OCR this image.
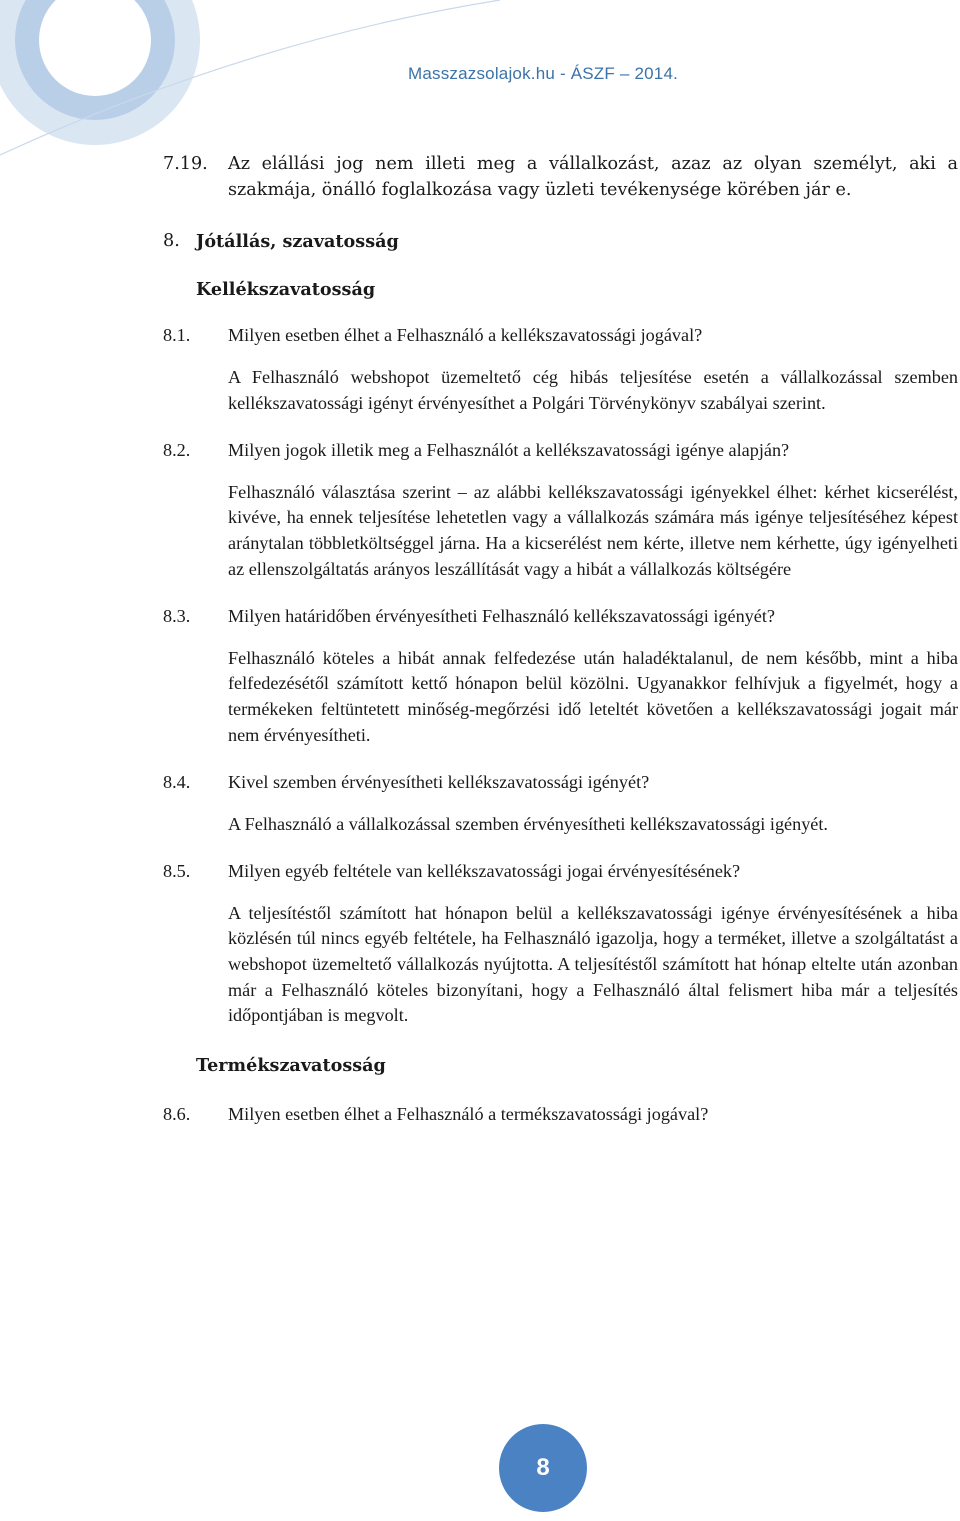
Masszazsolajok.hu - ÁSZF – 2014.
7.19.	Az elállási jog nem illeti meg a vállalkozást, azaz az olyan személyt, aki a szakmája, önálló foglalkozása vagy üzleti tevékenysége körében jár e.
8. Jótállás, szavatosság
Kellékszavatosság
8.1.	Milyen esetben élhet a Felhasználó a kellékszavatossági jogával?
A Felhasználó webshopot üzemeltető cég hibás teljesítése esetén a vállalkozással szemben kellékszavatossági igényt érvényesíthet a Polgári Törvénykönyv szabályai szerint.
8.2.	Milyen jogok illetik meg a Felhasználót a kellékszavatossági igénye alapján?
Felhasználó választása szerint – az alábbi kellékszavatossági igényekkel élhet: kérhet kicserélést, kivéve, ha ennek teljesítése lehetetlen vagy a vállalkozás számára más igénye teljesítéséhez képest aránytalan többletköltséggel járna. Ha a kicserélést nem kérte, illetve nem kérhette, úgy igényelheti az ellenszolgáltatás arányos leszállítását vagy a hibát a vállalkozás költségére
8.3.	Milyen határidőben érvényesítheti Felhasználó kellékszavatossági igényét?
Felhasználó köteles a hibát annak felfedezése után haladéktalanul, de nem később, mint a hiba felfedezésétől számított kettő hónapon belül közölni. Ugyanakkor felhívjuk a figyelmét, hogy a termékeken feltüntetett minőség-megőrzési idő leteltét követően a kellékszavatossági jogait már nem érvényesítheti.
8.4.	Kivel szemben érvényesítheti kellékszavatossági igényét?
A Felhasználó a vállalkozással szemben érvényesítheti kellékszavatossági igényét.
8.5.	Milyen egyéb feltétele van kellékszavatossági jogai érvényesítésének?
A teljesítéstől számított hat hónapon belül a kellékszavatossági igénye érvényesítésének a hiba közlésén túl nincs egyéb feltétele, ha Felhasználó igazolja, hogy a terméket, illetve a szolgáltatást a webshopot üzemeltető vállalkozás nyújtotta. A teljesítéstől számított hat hónap eltelte után azonban már a Felhasználó köteles bizonyítani, hogy a Felhasználó által felismert hiba már a teljesítés időpontjában is megvolt.
Termékszavatosság
8.6.	Milyen esetben élhet a Felhasználó a termékszavatossági jogával?
8
